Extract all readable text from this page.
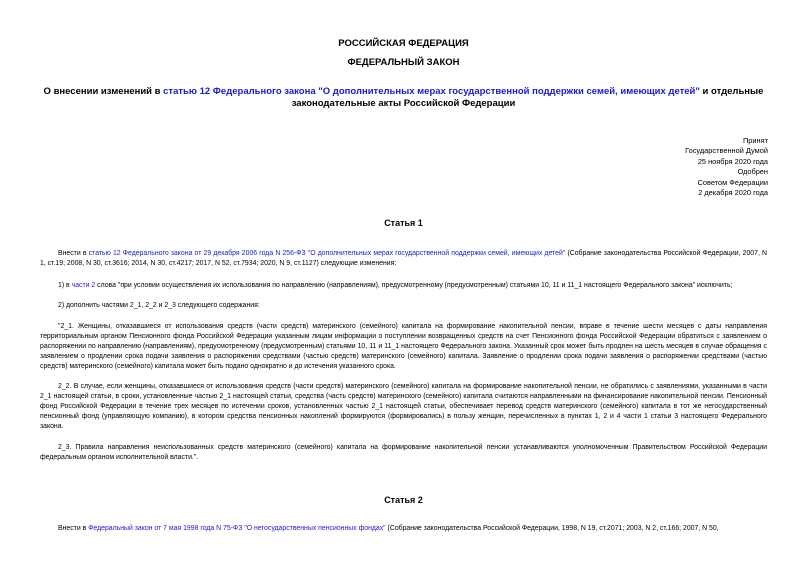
РОССИЙСКАЯ ФЕДЕРАЦИЯ
ФЕДЕРАЛЬНЫЙ ЗАКОН
О внесении изменений в статью 12 Федерального закона "О дополнительных мерах государственной поддержки семей, имеющих детей" и отдельные законодательные акты Российской Федерации
Принят
Государственной Думой
25 ноября 2020 года
Одобрен
Советом Федерации
2 декабря 2020 года
Статья 1
Внести в статью 12 Федерального закона от 29 декабря 2006 года N 256-ФЗ "О дополнительных мерах государственной поддержки семей, имеющих детей" (Собрание законодательства Российской Федерации, 2007, N 1, ст.19; 2008, N 30, ст.3616; 2014, N 30, ст.4217; 2017, N 52, ст.7934; 2020, N 9, ст.1127) следующие изменения:
1) в части 2 слова "при условии осуществления их использования по направлению (направлениям), предусмотренному (предусмотренным) статьями 10, 11 и 11_1 настоящего Федерального закона" исключить;
2) дополнить частями 2_1, 2_2 и 2_3 следующего содержания:
"2_1. Женщины, отказавшиеся от использования средств (части средств) материнского (семейного) капитала на формирование накопительной пенсии, вправе в течение шести месяцев с даты направления территориальным органом Пенсионного фонда Российской Федерации указанным лицам информации о поступлении возвращенных средств на счет Пенсионного фонда Российской Федерации обратиться с заявлением о распоряжении по направлению (направлениям), предусмотренному (предусмотренным) статьями 10, 11 и 11_1 настоящего Федерального закона. Указанный срок может быть продлен на шесть месяцев в случае обращения с заявлением о продлении срока подачи заявления о распоряжении средствами (частью средств) материнского (семейного) капитала. Заявление о продлении срока подачи заявления о распоряжении средствами (частью средств) материнского (семейного) капитала может быть подано однократно и до истечения указанного срока.
2_2. В случае, если женщины, отказавшиеся от использования средств (части средств) материнского (семейного) капитала на формирование накопительной пенсии, не обратились с заявлениями, указанными в части 2_1 настоящей статьи, в сроки, установленные частью 2_1 настоящей статьи, средства (часть средств) материнского (семейного) капитала считаются направленными на финансирование накопительной пенсии. Пенсионный фонд Российской Федерации в течение трех месяцев по истечении сроков, установленных частью 2_1 настоящей статьи, обеспечивает перевод средств материнского (семейного) капитала в тот же негосударственный пенсионный фонд (управляющую компанию), в котором средства пенсионных накоплений формируются (формировались) в пользу женщин, перечисленных в пунктах 1, 2 и 4 части 1 статьи 3 настоящего Федерального закона.
2_3. Правила направления неиспользованных средств материнского (семейного) капитала на формирование накопительной пенсии устанавливаются уполномоченным Правительством Российской Федерации федеральным органом исполнительной власти.".
Статья 2
Внести в Федеральный закон от 7 мая 1998 года N 75-ФЗ "О негосударственных пенсионных фондах" (Собрание законодательства Российской Федерации, 1998, N 19, ст.2071; 2003, N 2, ст.166; 2007, N 50,
